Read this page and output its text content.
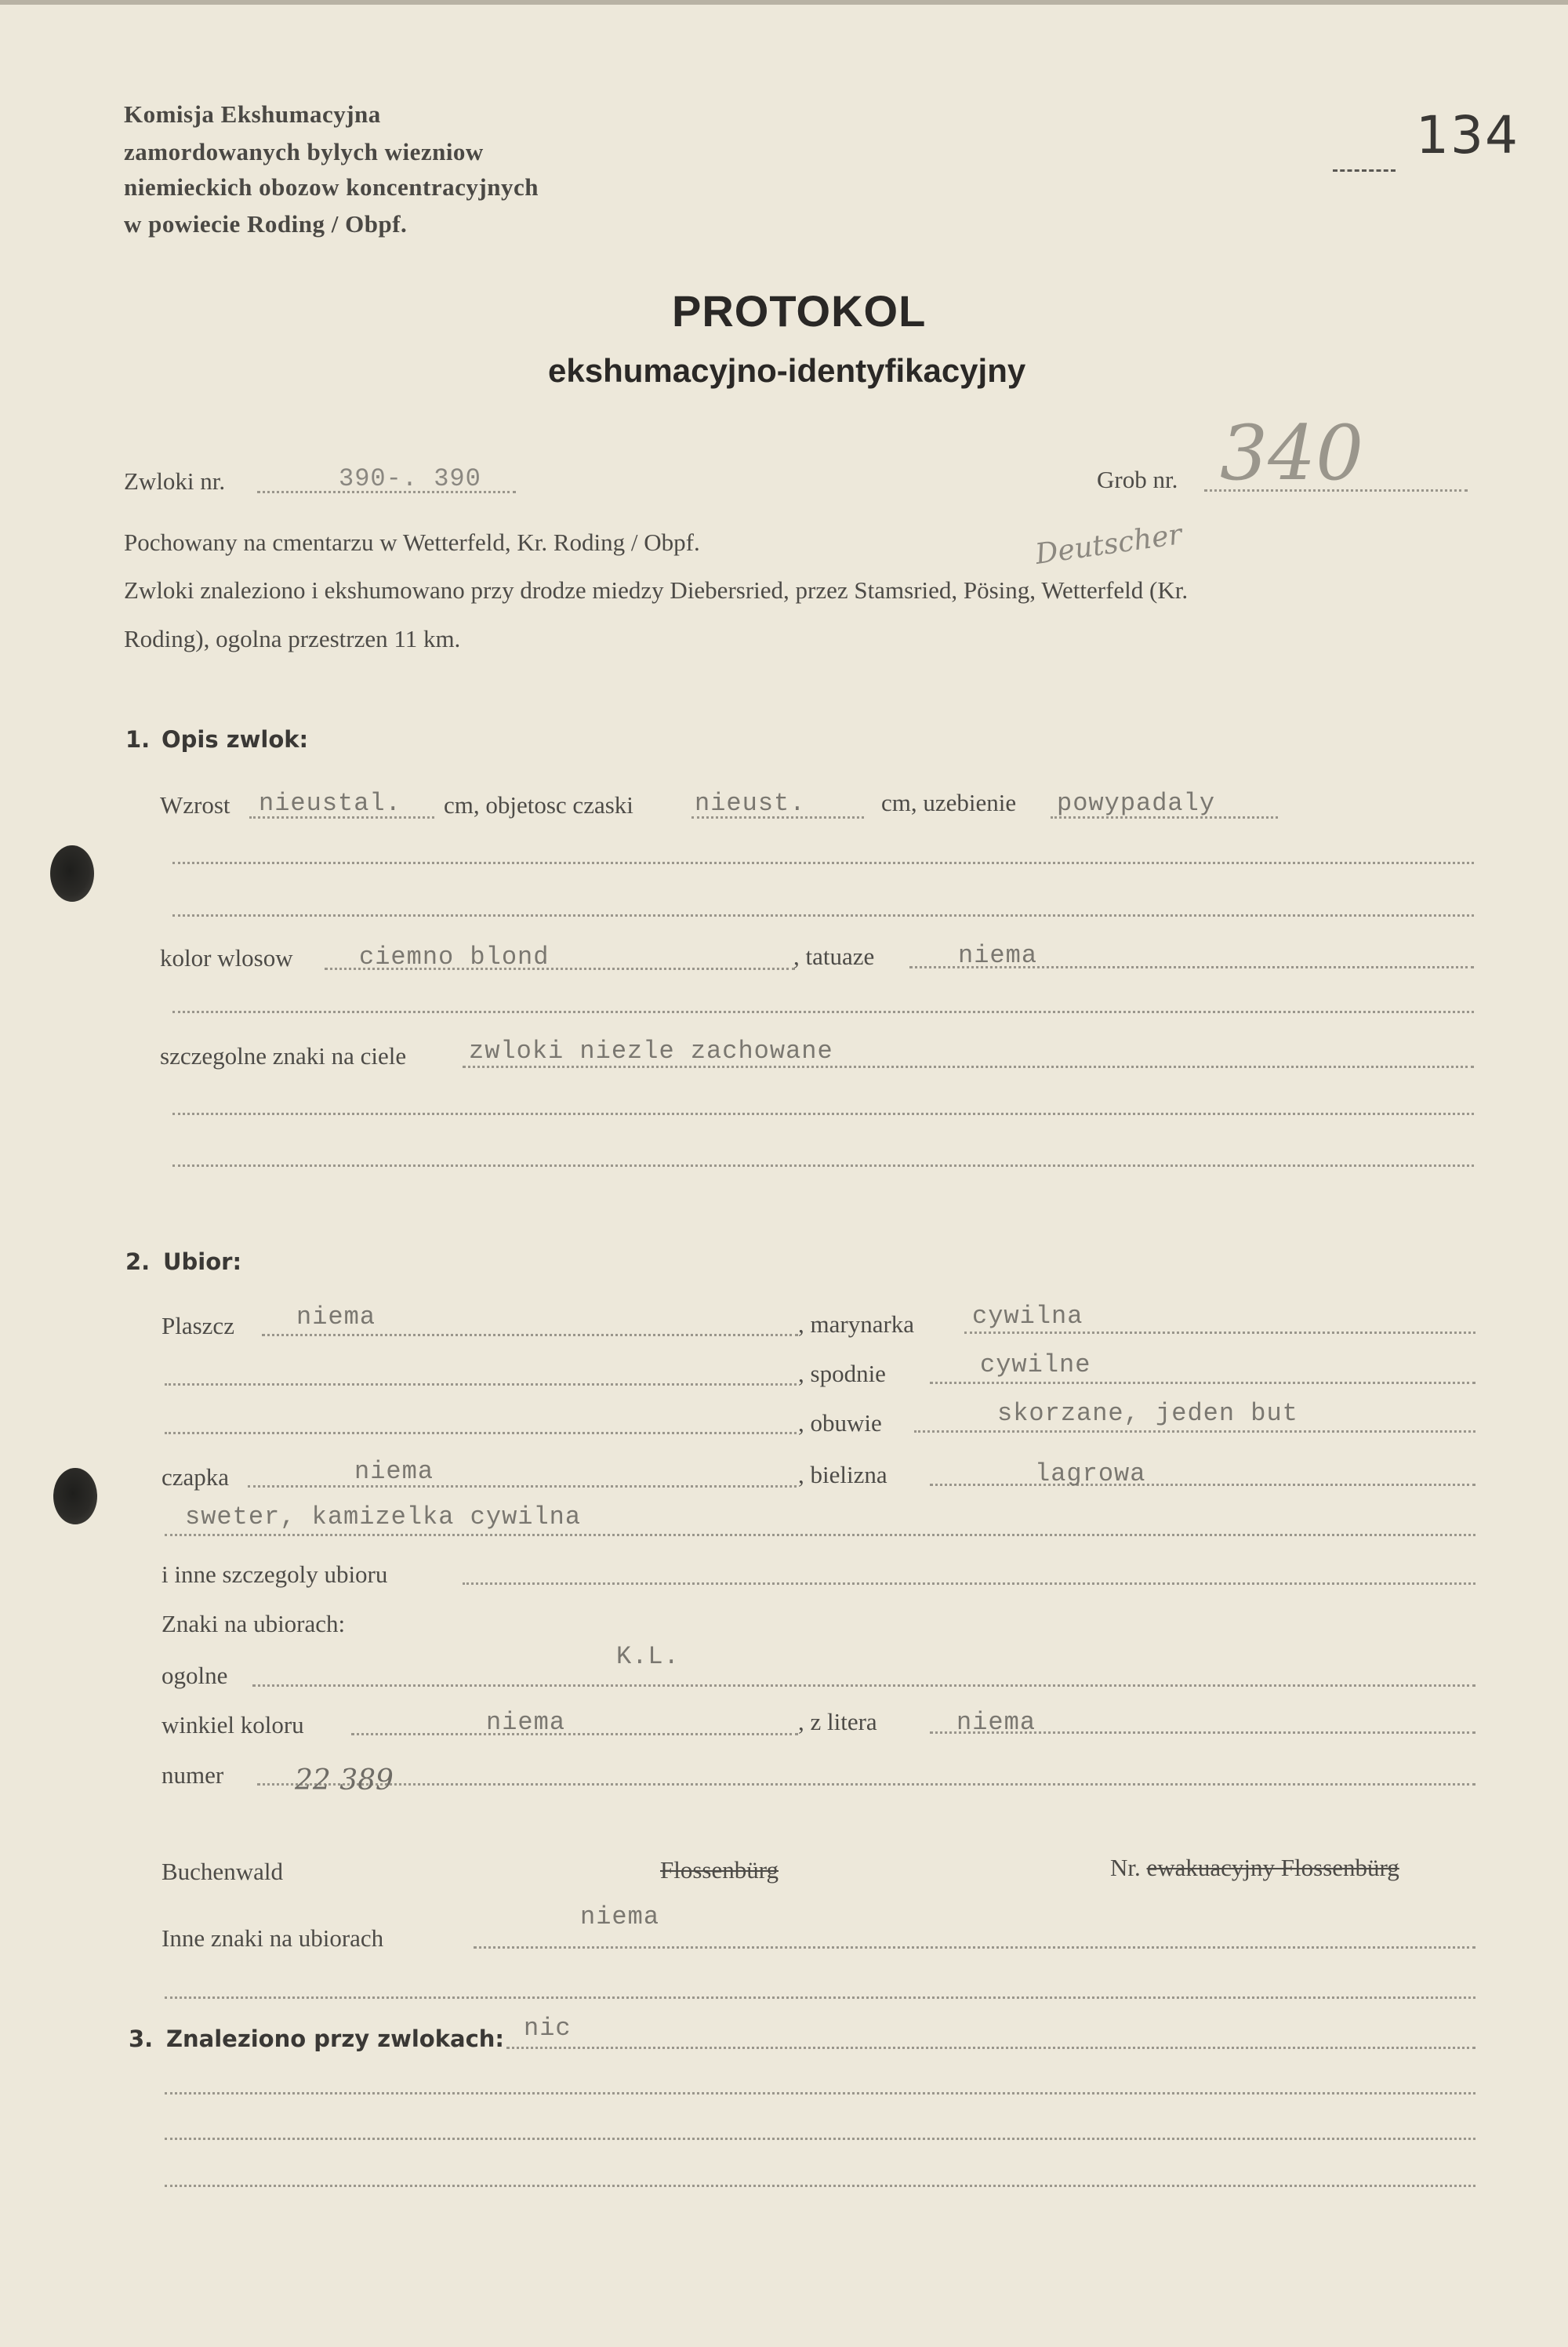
Komisja Ekshumacyjna
zamordowanych bylych wiezniow
niemieckich obozow koncentracyjnych
w powiecie Roding / Obpf.
134
PROTOKOL
ekshumacyjno-identyfikacyjny
Zwloki nr.	390-. 390	Grob nr. 340
Pochowany na cmentarzu w Wetterfeld, Kr. Roding / Obpf.	Deutscher
Zwloki znaleziono i ekshumowano przy drodze miedzy Diebersried, przez Stamsried, Pösing, Wetterfeld (Kr.
Roding), ogolna przestrzen 11 km.
1. Opis zwlok:
Wzrost nieustal. cm, objetosc czaski nieust.	cm, uzebienie powypadaly
kolor wlosow	ciemno blond	, tatuaze	niema
szczegolne znaki na ciele zwloki niezle zachowane
2. Ubior:
Plaszcz niema	, marynarka cywilna
, spodnie	cywilne
, obuwie	skorzane, jeden but
czapka	niema	, bielizna	lagrowa
sweter, kamizelka cywilna
i inne szczegoly ubioru
Znaki na ubiorach:
ogolne
K.L.
winkiel koloru	niema	, z litera	niema
numer	22 389
Buchenwald	Flossenbürg	Nr. ewakuacyjny Flossenbürg
Inne znaki na ubiorach
niema
3. Znaleziono przy zwlokach: nic
